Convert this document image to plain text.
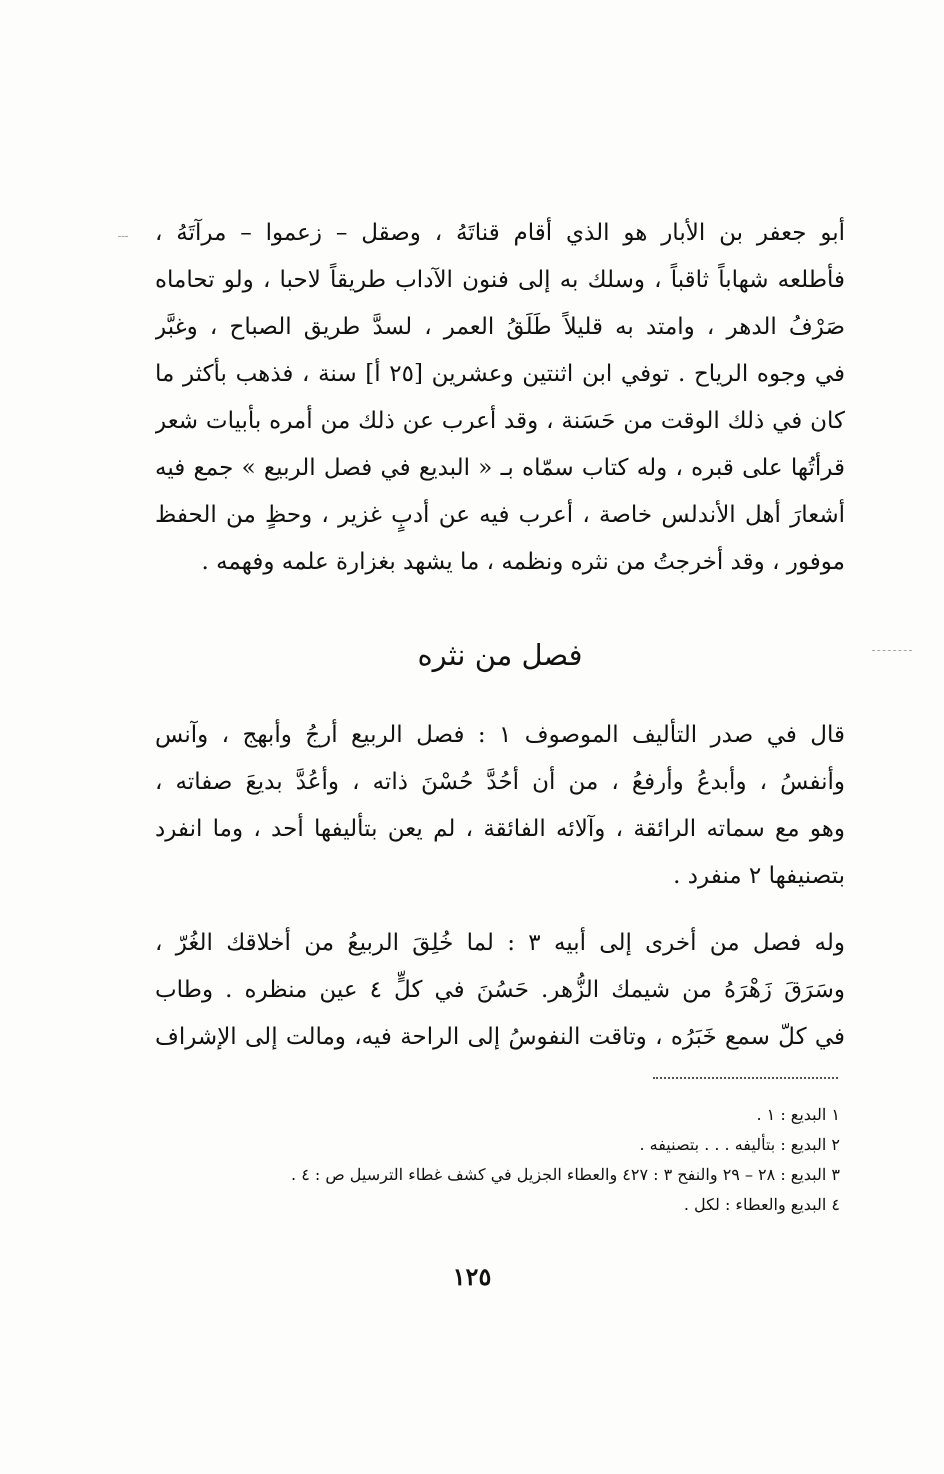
أبو جعفر بن الأبار هو الذي أقام قناتَهُ ، وصقل – زعموا – مرآتَهُ ،
فأطلعه شهاباً ثاقباً ، وسلك به إلى فنون الآداب طريقاً لاحبا ، ولو تحاماه
صَرْفُ الدهر ، وامتد به قليلاً طَلَقُ العمر ، لسدَّ طريق الصباح ، وغبَّر
في وجوه الرياح . توفي ابن اثنتين وعشرين [٢٥ أ] سنة ، فذهب بأكثر ما
كان في ذلك الوقت من حَسَنة ، وقد أعرب عن ذلك من أمره بأبيات شعر
قرأتُها على قبره ، وله كتاب سمّاه بـ « البديع في فصل الربيع » جمع فيه
أشعارَ أهل الأندلس خاصة ، أعرب فيه عن أدبٍ غزير ، وحظٍ من الحفظ
موفور ، وقد أخرجتُ من نثره ونظمه ، ما يشهد بغزارة علمه وفهمه .
فصل من نثره
قال في صدر التأليف الموصوف ١ : فصل الربيع أرجُ وأبهج ، وآنس
وأنفسُ ، وأبدعُ وأرفعُ ، من أن أحُدَّ حُسْنَ ذاته ، وأعُدَّ بديعَ صفاته ،
وهو مع سماته الرائقة ، وآلائه الفائقة ، لم يعن بتأليفها أحد ، وما انفرد
بتصنيفها ٢ منفرد .
وله فصل من أخرى إلى أبيه ٣ : لما خُلِقَ الربيعُ من أخلاقك الغُرّ ،
وسَرَقَ زَهْرَهُ من شيمك الزُّهر. حَسُنَ في كلٍّ ٤ عين منظره . وطاب
في كلّ سمع خَبَرُه ، وتاقت النفوسُ إلى الراحة فيه، ومالت إلى الإشراف
١ البديع : ١ .
٢ البديع : بتأليفه . . . بتصنيفه .
٣ البديع : ٢٨ – ٢٩ والنفح ٣ : ٤٢٧ والعطاء الجزيل في كشف غطاء الترسيل ص : ٤ .
٤ البديع والعطاء : لكل .
١٢٥
